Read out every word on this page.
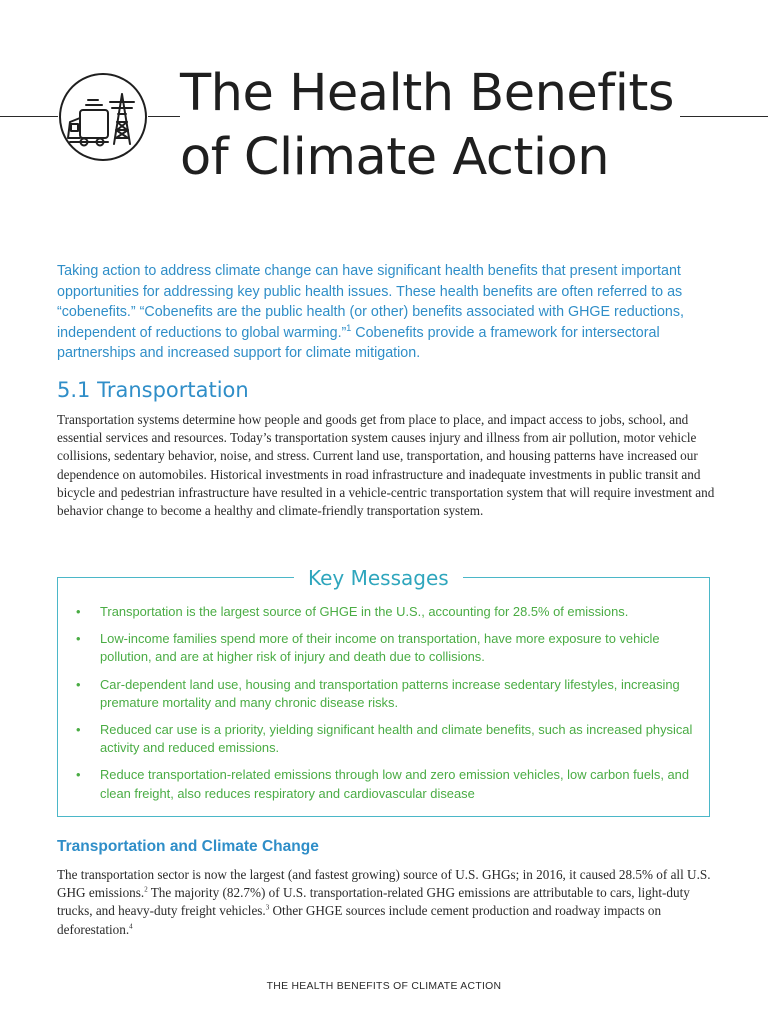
The Health Benefits
of Climate Action

Taking action to address climate change can have significant health benefits that present important opportunities for addressing key public health issues. These health benefits are often referred to as “cobenefits.” “Cobenefits are the public health (or other) benefits associated with GHGE reductions, independent of reductions to global warming.”$^1$ Cobenefits provide a framework for intersectoral partnerships and increased support for climate mitigation.

5.1 Transportation

Transportation systems determine how people and goods get from place to place, and impact access to jobs, school, and essential services and resources. Today’s transportation system causes injury and illness from air pollution, motor vehicle collisions, sedentary behavior, noise, and stress. Current land use, transportation, and housing patterns have increased our dependence on automobiles. Historical investments in road infrastructure and inadequate investments in public transit and bicycle and pedestrian infrastructure have resulted in a vehicle-centric transportation system that will require investment and behavior change to become a healthy and climate-friendly transportation system.

Key Messages
• Transportation is the largest source of GHGE in the U.S., accounting for 28.5% of emissions.
• Low-income families spend more of their income on transportation, have more exposure to vehicle pollution, and are at higher risk of injury and death due to collisions.
• Car-dependent land use, housing and transportation patterns increase sedentary lifestyles, increasing premature mortality and many chronic disease risks.
• Reduced car use is a priority, yielding significant health and climate benefits, such as increased physical activity and reduced emissions.
• Reduce transportation-related emissions through low and zero emission vehicles, low carbon fuels, and clean freight, also reduces respiratory and cardiovascular disease
Transportation and Climate Change

The transportation sector is now the largest (and fastest growing) source of U.S. GHGs; in 2016, it caused 28.5% of all U.S. GHG emissions.$^2$ The majority (82.7%) of U.S. transportation-related GHG emissions are attributable to cars, light-duty trucks, and heavy-duty freight vehicles.$^3$ Other GHGE sources include cement production and roadway impacts on deforestation.$^4$

THE HEALTH BENEFITS OF CLIMATE ACTION
